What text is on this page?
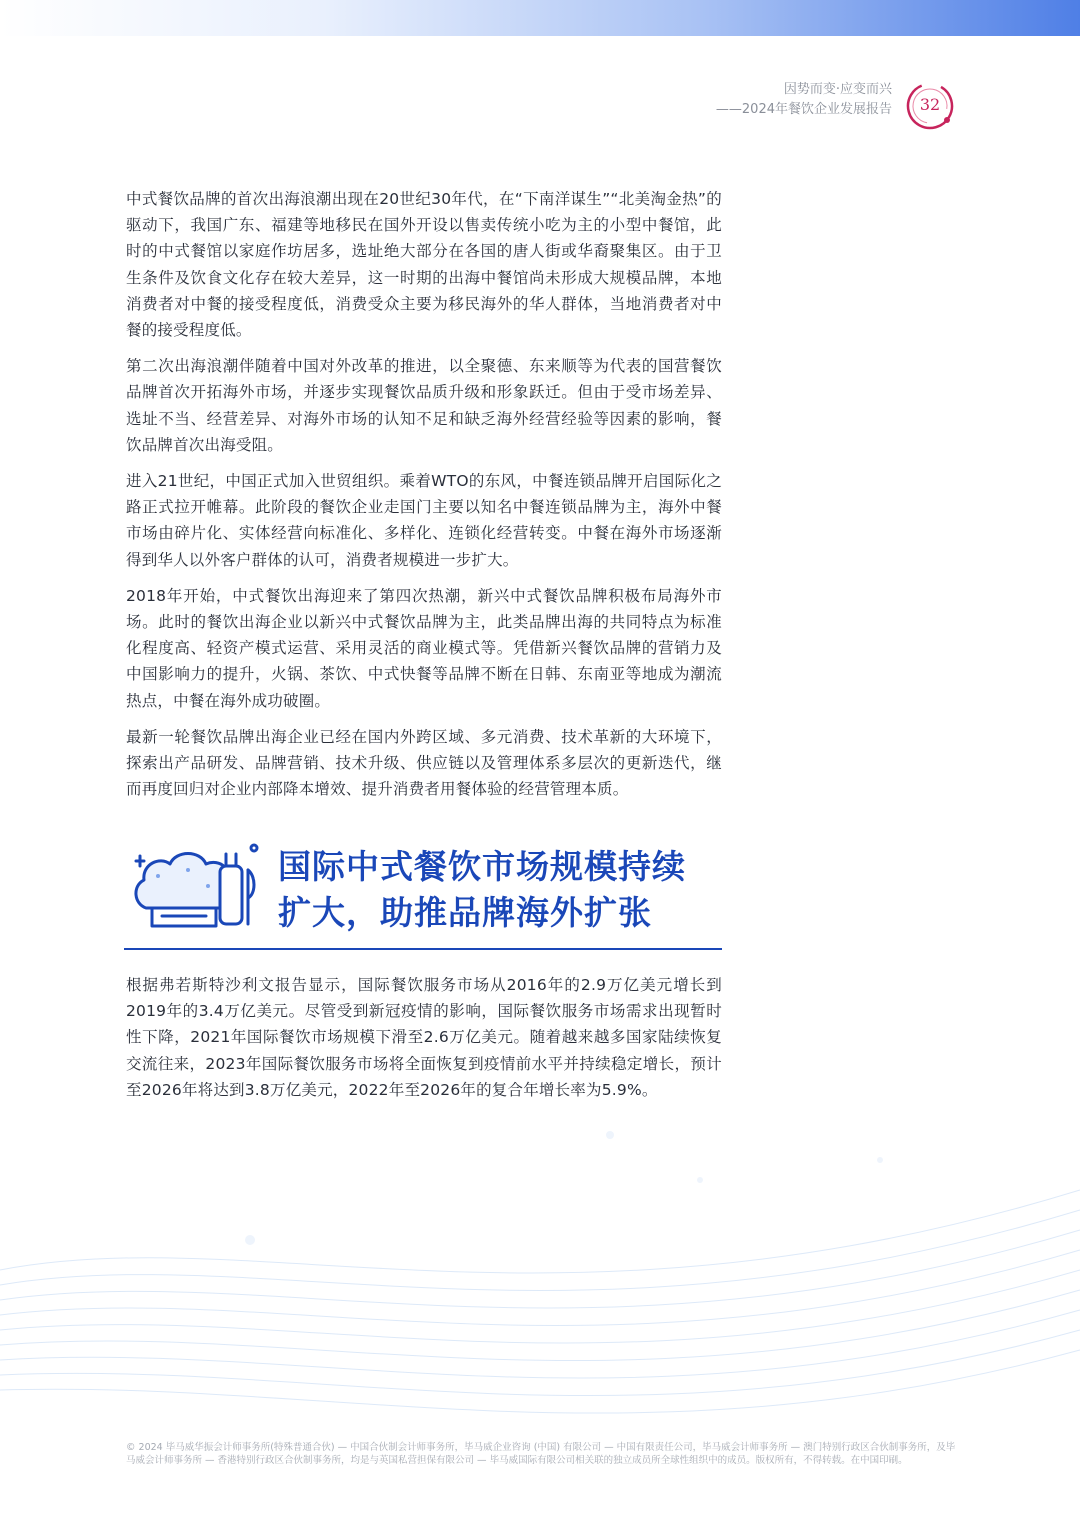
因势而变·应变而兴
——2024年餐饮企业发展报告	32

中式餐饮品牌的首次出海浪潮出现在20世纪30年代，在“下南洋谋生”“北美淘金热”的驱动下，我国广东、福建等地移民在国外开设以售卖传统小吃为主的小型中餐馆，此时的中式餐馆以家庭作坊居多，选址绝大部分在各国的唐人街或华裔聚集区。由于卫生条件及饮食文化存在较大差异，这一时期的出海中餐馆尚未形成大规模品牌，本地消费者对中餐的接受程度低，消费受众主要为移民海外的华人群体，当地消费者对中餐的接受程度低。

第二次出海浪潮伴随着中国对外改革的推进，以全聚德、东来顺等为代表的国营餐饮品牌首次开拓海外市场，并逐步实现餐饮品质升级和形象跃迁。但由于受市场差异、选址不当、经营差异、对海外市场的认知不足和缺乏海外经营经验等因素的影响，餐饮品牌首次出海受阻。

进入21世纪，中国正式加入世贸组织。乘着WTO的东风，中餐连锁品牌开启国际化之路正式拉开帷幕。此阶段的餐饮企业走国门主要以知名中餐连锁品牌为主，海外中餐市场由碎片化、实体经营向标准化、多样化、连锁化经营转变。中餐在海外市场逐渐得到华人以外客户群体的认可，消费者规模进一步扩大。

2018年开始，中式餐饮出海迎来了第四次热潮，新兴中式餐饮品牌积极布局海外市场。此时的餐饮出海企业以新兴中式餐饮品牌为主，此类品牌出海的共同特点为标准化程度高、轻资产模式运营、采用灵活的商业模式等。凭借新兴餐饮品牌的营销力及中国影响力的提升，火锅、茶饮、中式快餐等品牌不断在日韩、东南亚等地成为潮流热点，中餐在海外成功破圈。

最新一轮餐饮品牌出海企业已经在国内外跨区域、多元消费、技术革新的大环境下，探索出产品研发、品牌营销、技术升级、供应链以及管理体系多层次的更新迭代，继而再度回归对企业内部降本增效、提升消费者用餐体验的经营管理本质。

国际中式餐饮市场规模持续
扩大，助推品牌海外扩张

根据弗若斯特沙利文报告显示，国际餐饮服务市场从2016年的2.9万亿美元增长到2019年的3.4万亿美元。尽管受到新冠疫情的影响，国际餐饮服务市场需求出现暂时性下降，2021年国际餐饮市场规模下滑至2.6万亿美元。随着越来越多国家陆续恢复交流往来，2023年国际餐饮服务市场将全面恢复到疫情前水平并持续稳定增长，预计至2026年将达到3.8万亿美元，2022年至2026年的复合年增长率为5.9%。

© 2024 毕马威华振会计师事务所(特殊普通合伙) — 中国合伙制会计师事务所，毕马威企业咨询 (中国) 有限公司 — 中国有限责任公司，毕马威会计师事务所 — 澳门特别行政区合伙制事务所，及毕马威会计师事务所 — 香港特别行政区合伙制事务所，均是与英国私营担保有限公司 — 毕马威国际有限公司相关联的独立成员所全球性组织中的成员。版权所有，不得转载。在中国印刷。
